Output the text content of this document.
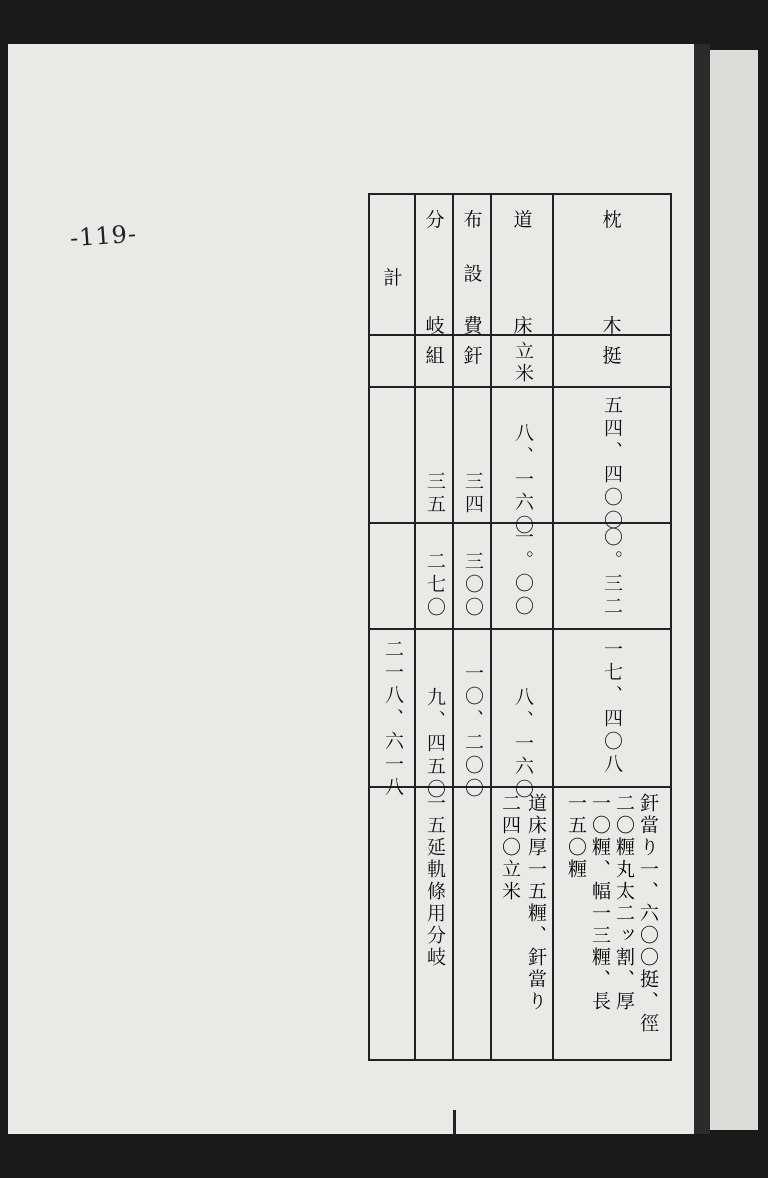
-119-
計
二一八、六一八
分
岐
組
三五
二七〇
九、四五〇
一五延軌條用分岐
布
設
費
釬
三四
三〇〇
一〇、二〇〇
道
床
立米
八、一六〇
一。〇〇
八、一六〇
道床厚一五糎、釬當り
二四〇立米
枕
木
挺
五四、四〇〇
〇。三二
一七、四〇八
釬當り一、六〇〇挺、徑
二〇糎丸太二ッ割、厚
一〇糎、幅一三糎、長
一五〇糎
